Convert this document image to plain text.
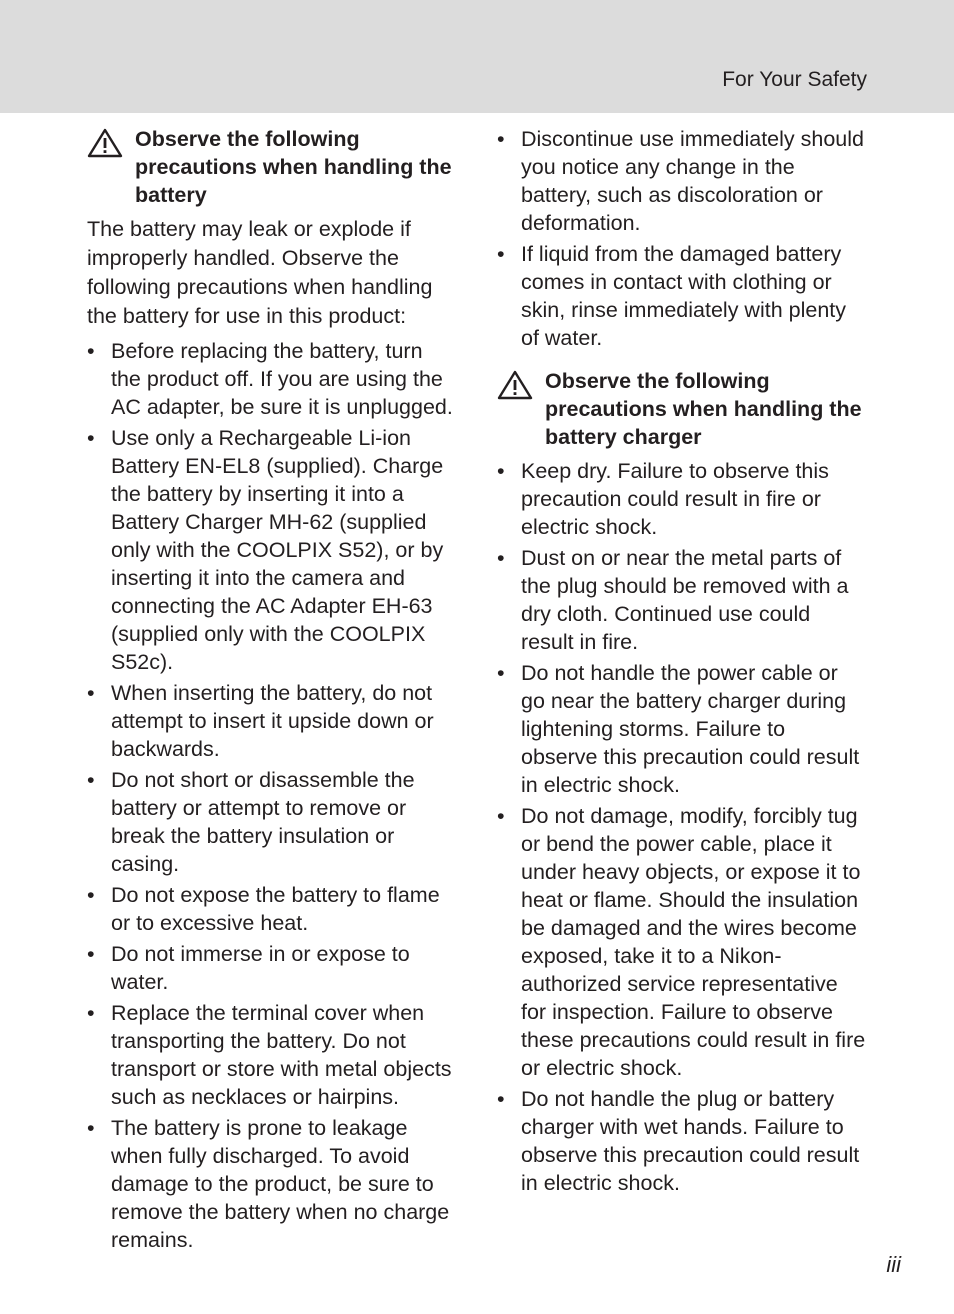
For Your Safety

Observe the following precautions when handling the battery

The battery may leak or explode if improperly handled. Observe the following precautions when handling the battery for use in this product:

• Before replacing the battery, turn the product off. If you are using the AC adapter, be sure it is unplugged.
• Use only a Rechargeable Li-ion Battery EN-EL8 (supplied). Charge the battery by inserting it into a Battery Charger MH-62 (supplied only with the COOLPIX S52), or by inserting it into the camera and connecting the AC Adapter EH-63 (supplied only with the COOLPIX S52c).
• When inserting the battery, do not attempt to insert it upside down or backwards.
• Do not short or disassemble the battery or attempt to remove or break the battery insulation or casing.
• Do not expose the battery to flame or to excessive heat.
• Do not immerse in or expose to water.
• Replace the terminal cover when transporting the battery. Do not transport or store with metal objects such as necklaces or hairpins.
• The battery is prone to leakage when fully discharged. To avoid damage to the product, be sure to remove the battery when no charge remains.
• Discontinue use immediately should you notice any change in the battery, such as discoloration or deformation.
• If liquid from the damaged battery comes in contact with clothing or skin, rinse immediately with plenty of water.

Observe the following precautions when handling the battery charger

• Keep dry. Failure to observe this precaution could result in fire or electric shock.
• Dust on or near the metal parts of the plug should be removed with a dry cloth. Continued use could result in fire.
• Do not handle the power cable or go near the battery charger during lightening storms. Failure to observe this precaution could result in electric shock.
• Do not damage, modify, forcibly tug or bend the power cable, place it under heavy objects, or expose it to heat or flame. Should the insulation be damaged and the wires become exposed, take it to a Nikon-authorized service representative for inspection. Failure to observe these precautions could result in fire or electric shock.
• Do not handle the plug or battery charger with wet hands. Failure to observe this precaution could result in electric shock.
iii
